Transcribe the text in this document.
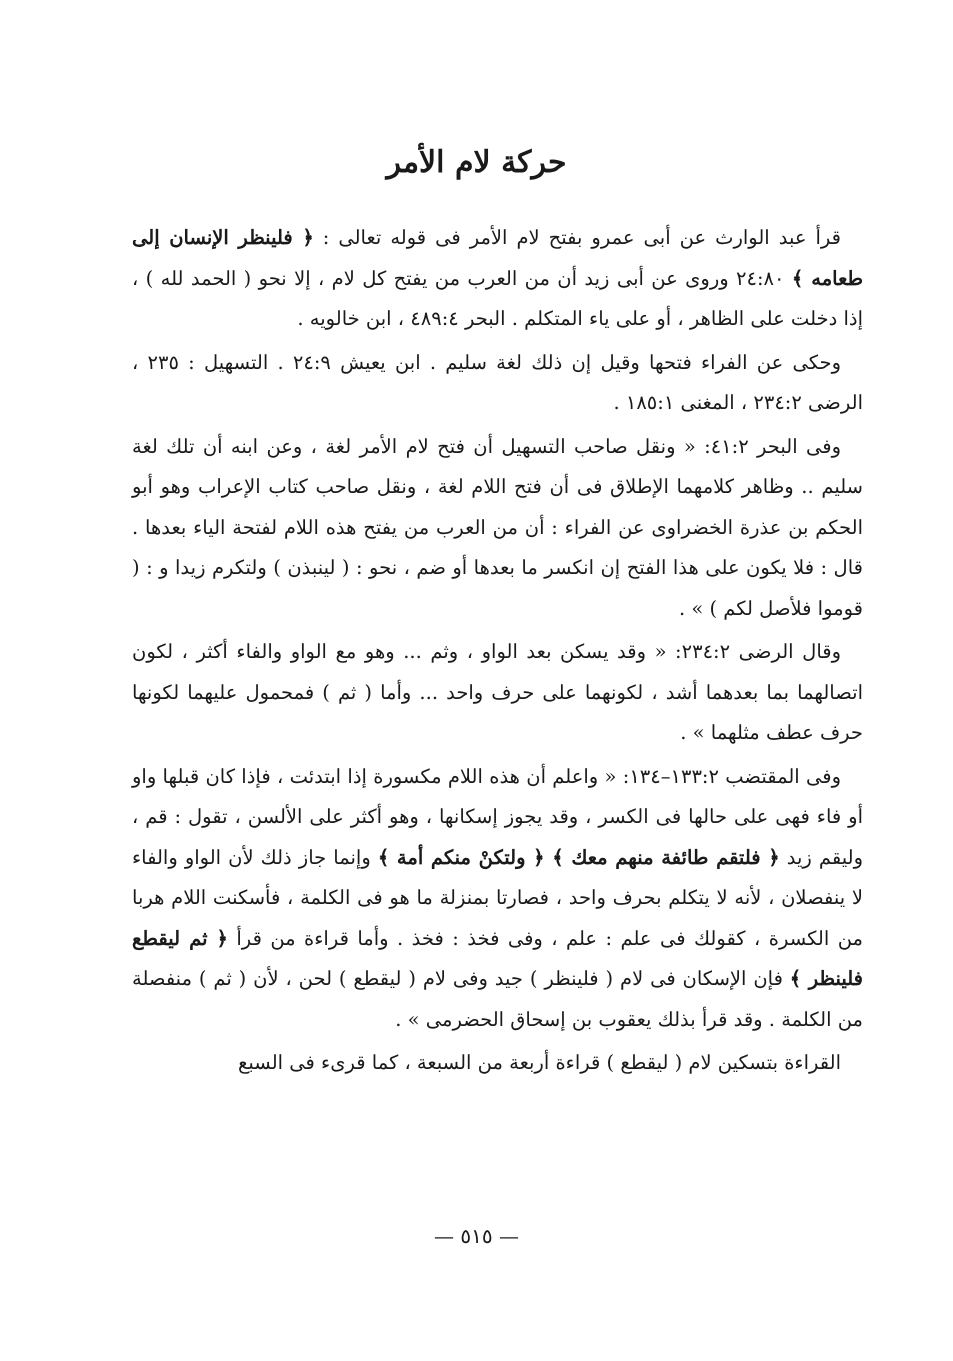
حركة لام الأمر

قرأ عبد الوارث عن أبى عمرو بفتح لام الأمر فى قوله تعالى : ﴿ فلينظر الإنسان إلى طعامه ﴾ ٢٤:٨٠ وروى عن أبى زيد أن من العرب من يفتح كل لام ، إلا نحو ( الحمد لله ) ، إذا دخلت على الظاهر ، أو على ياء المتكلم . البحر ٤٨٩:٤ ، ابن خالويه .

وحكى عن الفراء فتحها وقيل إن ذلك لغة سليم . ابن يعيش ٢٤:٩ . التسهيل : ٢٣٥ ، الرضى ٢٣٤:٢ ، المغنى ١٨٥:١ .

وفى البحر ٤١:٢: « ونقل صاحب التسهيل أن فتح لام الأمر لغة ، وعن ابنه أن تلك لغة سليم .. وظاهر كلامهما الإطلاق فى أن فتح اللام لغة ، ونقل صاحب كتاب الإعراب وهو أبو الحكم بن عذرة الخضراوى عن الفراء : أن من العرب من يفتح هذه اللام لفتحة الياء بعدها . قال : فلا يكون على هذا الفتح إن انكسر ما بعدها أو ضم ، نحو : ( لينبذن ) ولتكرم زيدا و : ( قوموا فلأصل لكم ) » .

وقال الرضى ٢٣٤:٢: « وقد يسكن بعد الواو ، وثم ... وهو مع الواو والفاء أكثر ، لكون اتصالهما بما بعدهما أشد ، لكونهما على حرف واحد ... وأما ( ثم ) فمحمول عليهما لكونها حرف عطف مثلهما » .

وفى المقتضب ١٣٣:٢–١٣٤: « واعلم أن هذه اللام مكسورة إذا ابتدئت ، فإذا كان قبلها واو أو فاء فهى على حالها فى الكسر ، وقد يجوز إسكانها ، وهو أكثر على الألسن ، تقول : قم ، وليقم زيد ﴿ فلتقم طائفة منهم معك ﴾ ﴿ ولتكنْ منكم أمة ﴾ وإنما جاز ذلك لأن الواو والفاء لا ينفصلان ، لأنه لا يتكلم بحرف واحد ، فصارتا بمنزلة ما هو فى الكلمة ، فأسكنت اللام هربا من الكسرة ، كقولك فى علم : علم ، وفى فخذ : فخذ . وأما قراءة من قرأ ﴿ ثم ليقطع فلينظر ﴾ فإن الإسكان فى لام ( فلينظر ) جيد وفى لام ( ليقطع ) لحن ، لأن ( ثم ) منفصلة من الكلمة . وقد قرأ بذلك يعقوب بن إسحاق الحضرمى » .

القراءة بتسكين لام ( ليقطع ) قراءة أربعة من السبعة ، كما قرىء فى السبع

— ٥١٥ —
